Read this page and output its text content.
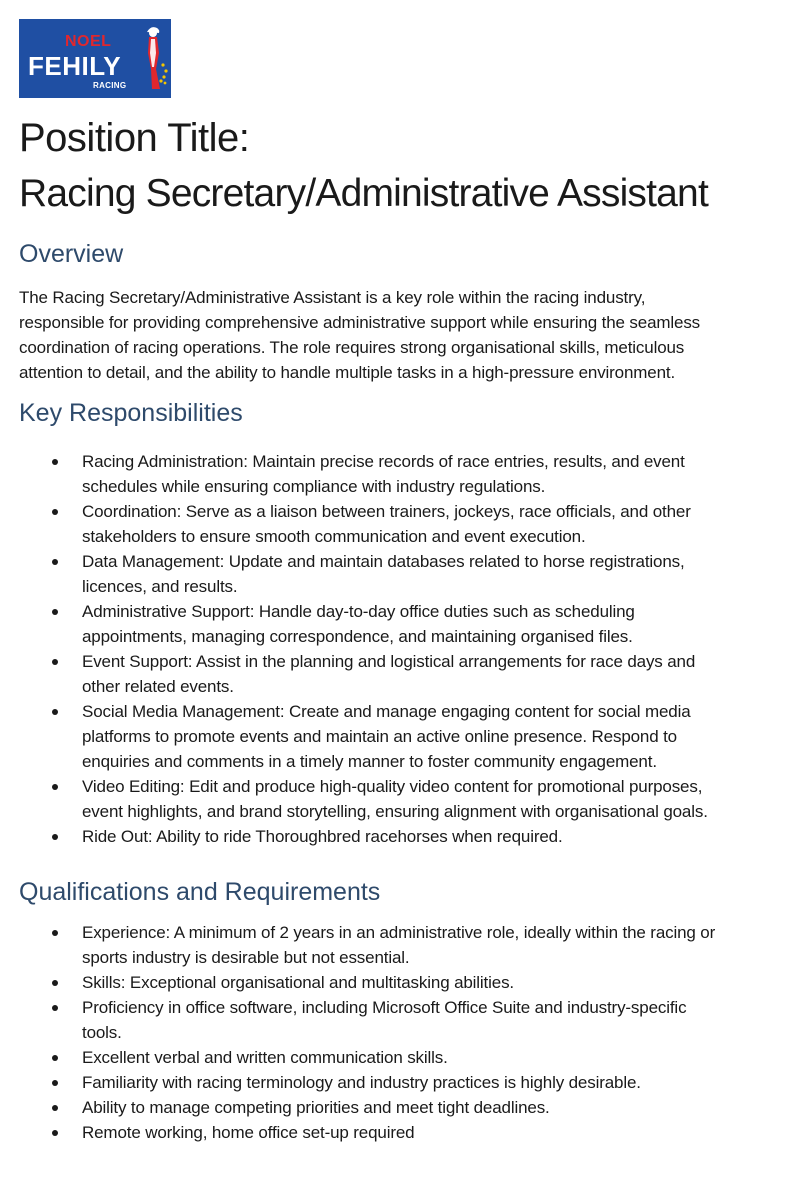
NOEL
FEHILY
RACING
Position Title:
Racing Secretary/Administrative Assistant
Overview
The Racing Secretary/Administrative Assistant is a key role within the racing industry,
responsible for providing comprehensive administrative support while ensuring the seamless
coordination of racing operations. The role requires strong organisational skills, meticulous
attention to detail, and the ability to handle multiple tasks in a high-pressure environment.
Key Responsibilities
Racing Administration: Maintain precise records of race entries, results, and event
schedules while ensuring compliance with industry regulations.
Coordination: Serve as a liaison between trainers, jockeys, race officials, and other
stakeholders to ensure smooth communication and event execution.
Data Management: Update and maintain databases related to horse registrations,
licences, and results.
Administrative Support: Handle day-to-day office duties such as scheduling
appointments, managing correspondence, and maintaining organised files.
Event Support: Assist in the planning and logistical arrangements for race days and
other related events.
Social Media Management: Create and manage engaging content for social media
platforms to promote events and maintain an active online presence. Respond to
enquiries and comments in a timely manner to foster community engagement.
Video Editing: Edit and produce high-quality video content for promotional purposes,
event highlights, and brand storytelling, ensuring alignment with organisational goals.
Ride Out: Ability to ride Thoroughbred racehorses when required.
Qualifications and Requirements
Experience: A minimum of 2 years in an administrative role, ideally within the racing or
sports industry is desirable but not essential.
Skills: Exceptional organisational and multitasking abilities.
Proficiency in office software, including Microsoft Office Suite and industry-specific
tools.
Excellent verbal and written communication skills.
Familiarity with racing terminology and industry practices is highly desirable.
Ability to manage competing priorities and meet tight deadlines.
Remote working, home office set-up required
